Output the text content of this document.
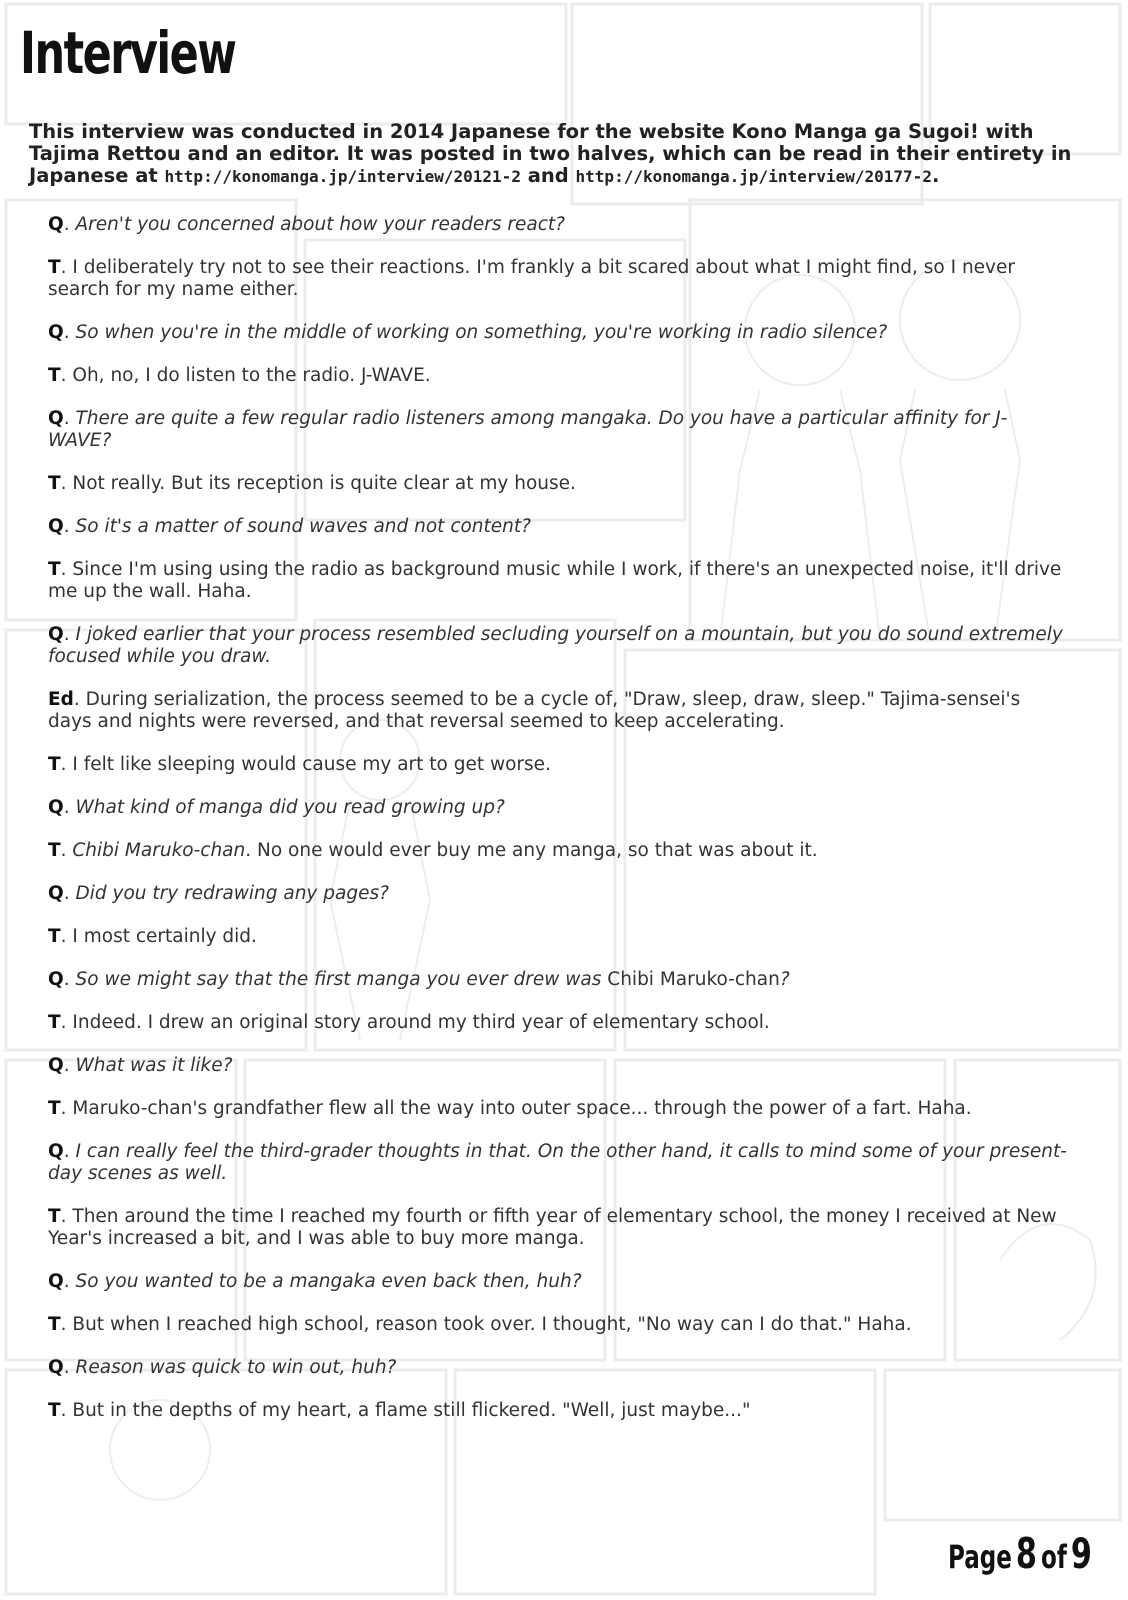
Interview

This interview was conducted in 2014 Japanese for the website Kono Manga ga Sugoi! with Tajima Rettou and an editor. It was posted in two halves, which can be read in their entirety in Japanese at http://konomanga.jp/interview/20121-2 and http://konomanga.jp/interview/20177-2.

Q. Aren't you concerned about how your readers react?

T. I deliberately try not to see their reactions. I'm frankly a bit scared about what I might find, so I never search for my name either.

Q. So when you're in the middle of working on something, you're working in radio silence?

T. Oh, no, I do listen to the radio. J-WAVE.

Q. There are quite a few regular radio listeners among mangaka. Do you have a particular affinity for J-WAVE?

T. Not really. But its reception is quite clear at my house.

Q. So it's a matter of sound waves and not content?

T. Since I'm using using the radio as background music while I work, if there's an unexpected noise, it'll drive me up the wall. Haha.

Q. I joked earlier that your process resembled secluding yourself on a mountain, but you do sound extremely focused while you draw.

Ed. During serialization, the process seemed to be a cycle of, "Draw, sleep, draw, sleep." Tajima-sensei's days and nights were reversed, and that reversal seemed to keep accelerating.

T. I felt like sleeping would cause my art to get worse.

Q. What kind of manga did you read growing up?

T. Chibi Maruko-chan. No one would ever buy me any manga, so that was about it.

Q. Did you try redrawing any pages?

T. I most certainly did.

Q. So we might say that the first manga you ever drew was Chibi Maruko-chan?

T. Indeed. I drew an original story around my third year of elementary school.

Q. What was it like?

T. Maruko-chan's grandfather flew all the way into outer space... through the power of a fart. Haha.

Q. I can really feel the third-grader thoughts in that. On the other hand, it calls to mind some of your present-day scenes as well.

T. Then around the time I reached my fourth or fifth year of elementary school, the money I received at New Year's increased a bit, and I was able to buy more manga.

Q. So you wanted to be a mangaka even back then, huh?

T. But when I reached high school, reason took over. I thought, "No way can I do that." Haha.

Q. Reason was quick to win out, huh?

T. But in the depths of my heart, a flame still flickered. "Well, just maybe..."

Page 8 of 9
